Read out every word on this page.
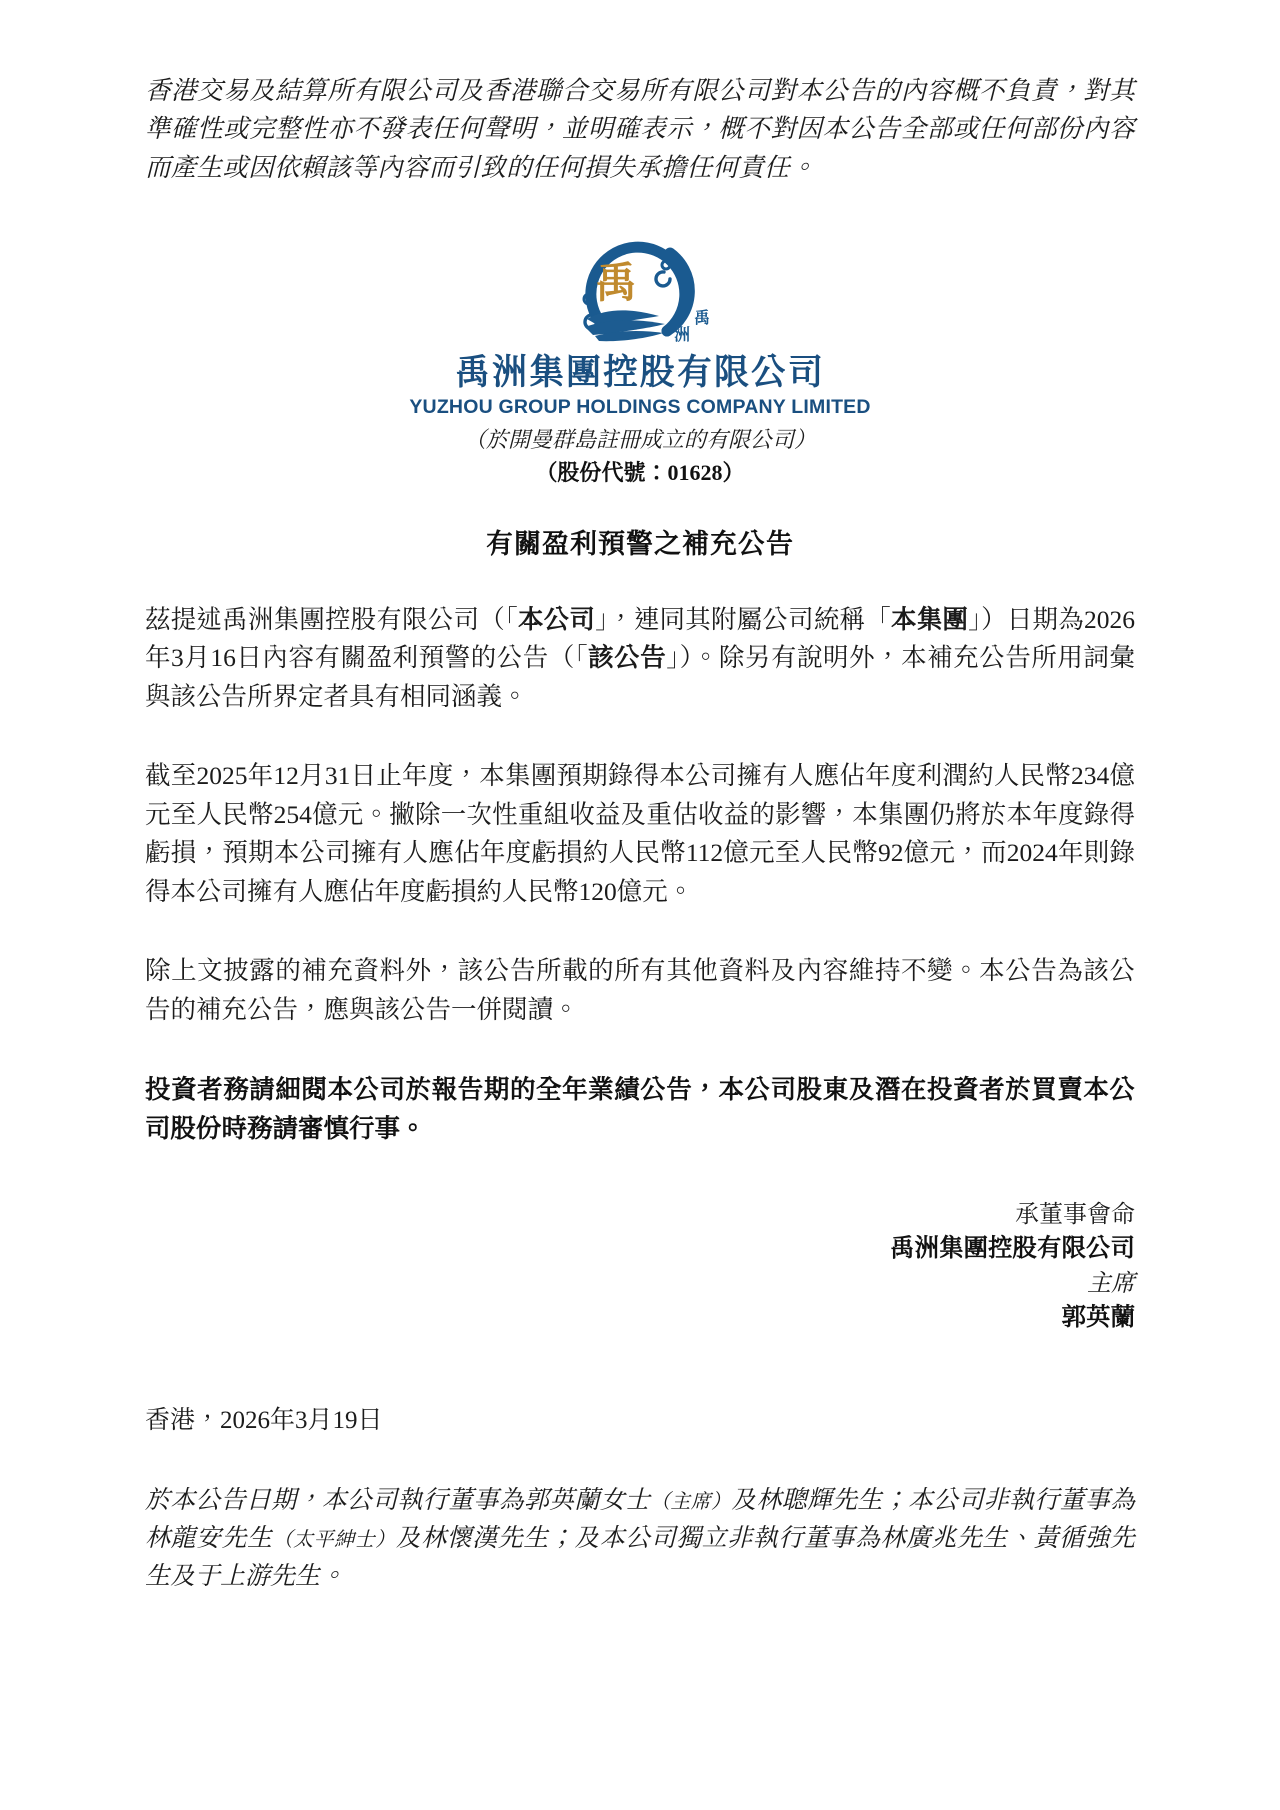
香港交易及結算所有限公司及香港聯合交易所有限公司對本公告的內容概不負責，對其準確性或完整性亦不發表任何聲明，並明確表示，概不對因本公告全部或任何部份內容而產生或因依賴該等內容而引致的任何損失承擔任何責任。

禹
禹
洲
禹洲集團控股有限公司
YUZHOU GROUP HOLDINGS COMPANY LIMITED
（於開曼群島註冊成立的有限公司）
（股份代號：01628）
有關盈利預警之補充公告

茲提述禹洲集團控股有限公司（「本公司」，連同其附屬公司統稱「本集團」）日期為2026年3月16日內容有關盈利預警的公告（「該公告」）。除另有說明外，本補充公告所用詞彙與該公告所界定者具有相同涵義。

截至2025年12月31日止年度，本集團預期錄得本公司擁有人應佔年度利潤約人民幣234億元至人民幣254億元。撇除一次性重組收益及重估收益的影響，本集團仍將於本年度錄得虧損，預期本公司擁有人應佔年度虧損約人民幣112億元至人民幣92億元，而2024年則錄得本公司擁有人應佔年度虧損約人民幣120億元。

除上文披露的補充資料外，該公告所載的所有其他資料及內容維持不變。本公告為該公告的補充公告，應與該公告一併閱讀。

投資者務請細閱本公司於報告期的全年業績公告，本公司股東及潛在投資者於買賣本公司股份時務請審慎行事。

承董事會命
禹洲集團控股有限公司
主席
郭英蘭
香港，2026年3月19日

於本公告日期，本公司執行董事為郭英蘭女士（主席）及林聰輝先生；本公司非執行董事為林龍安先生（太平紳士）及林懷漢先生；及本公司獨立非執行董事為林廣兆先生、黃循強先生及于上游先生。
